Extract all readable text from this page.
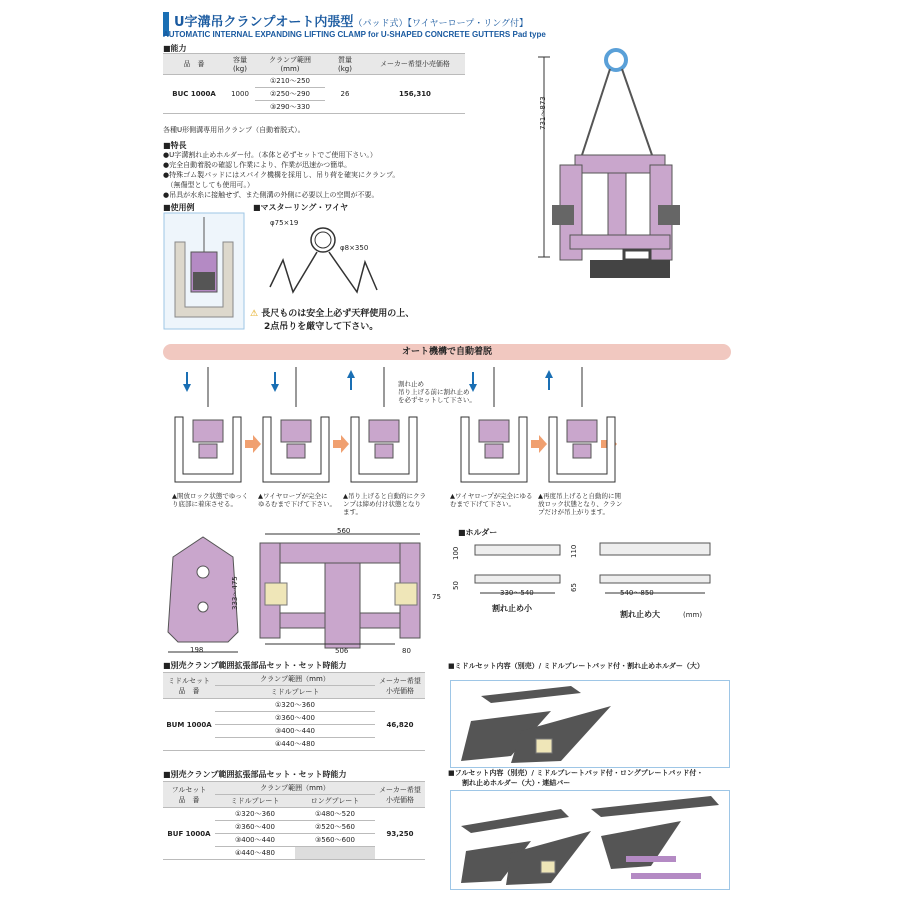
U字溝吊クランプオート内張型（パッド式）【ワイヤーロープ・リング付】
AUTOMATIC INTERNAL EXPANDING LIFTING CLAMP for U-SHAPED CONCRETE GUTTERS Pad type
■能力
品　番	容量
(kg)	クランプ範囲
(mm)	質量
(kg)	メーカー希望小売価格
BUC 1000A	1000	①210～250	26	156,310
		②250～290		
		③290～330		
各種U形側溝専用吊クランプ（自動着脱式）。
■特長
●U字溝割れ止めホルダー付。（本体と必ずセットでご使用下さい。）
●完全自動着脱の確認し作業により、作業が迅速かつ簡単。
●特殊ゴム製パッドにはスパイク機構を採用し、吊り荷を確実にクランプ。
　（無傷型としても使用可。）
●吊具が水糸に接触せず、また側溝の外側に必要以上の空間が不要。
■使用例	■マスターリング・ワイヤ
φ75×19
φ8×350
⚠ 長尺ものは安全上必ず天秤使用の上、
2点吊りを厳守して下さい。
731～873
オート機構で自動着脱
割れ止め
吊り上げる前に割れ止め
を必ずセットして下さい。
▲開放ロック状態でゆっく
り底部に着床させる。
▲ワイヤロープが完全に
ゆるむまで下げて下さい。
▲吊り上げると自動的にクラ
ンプは締め付け状態となり
ます。
▲ワイヤロープが完全にゆる
むまで下げて下さい。
▲再度吊上げると自動的に開
放ロック状態となり、クラン
プだけが吊上がります。
333～475
198
560
506	80
75
■ホルダー
100	110
50	65
330～540	540～850
割れ止め小
割れ止め大	(mm)
■別売クランプ範囲拡張部品セット・セット時能力
ミドルセット
品　番	クランプ範囲（mm）	メーカー希望
小売価格
	ミドルプレート	
BUM 1000A	①320～360	46,820
	②360～400	
	③400～440	
	④440～480	
■ミドルセット内容（別売）/ ミドルプレートパッド付・割れ止めホルダー（大）
■別売クランプ範囲拡張部品セット・セット時能力
フルセット
品　番	クランプ範囲（mm）		メーカー希望
小売価格
	ミドルプレート	ロングプレート	
BUF 1000A	①320～360	①480～520	93,250
	②360～400	②520～560	
	③400～440	③560～600	
	④440～480		
■フルセット内容（別売）/ ミドルプレートパッド付・ロングプレートパッド付・
割れ止めホルダー（大）・連結バー
